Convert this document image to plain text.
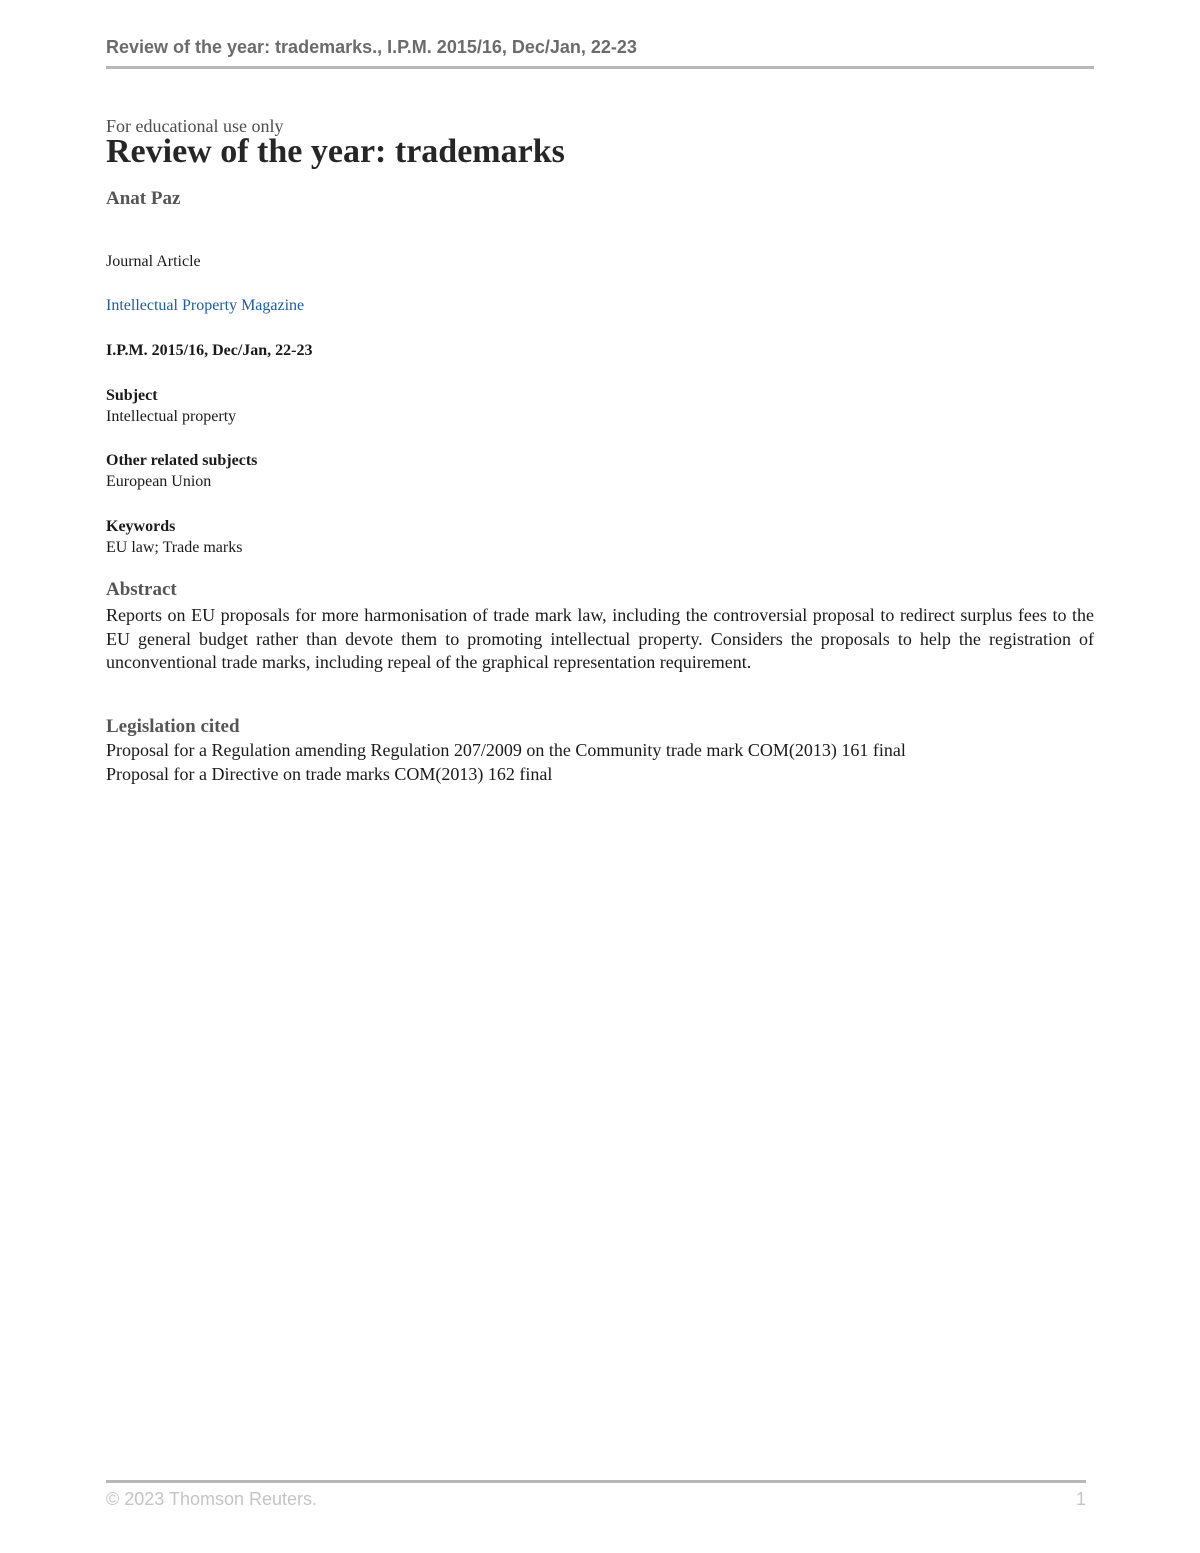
Review of the year: trademarks., I.P.M. 2015/16, Dec/Jan, 22-23
For educational use only
Review of the year: trademarks
Anat Paz
Journal Article
Intellectual Property Magazine
I.P.M. 2015/16, Dec/Jan, 22-23
Subject
Intellectual property
Other related subjects
European Union
Keywords
EU law; Trade marks
Abstract

Reports on EU proposals for more harmonisation of trade mark law, including the controversial proposal to redirect surplus fees to the EU general budget rather than devote them to promoting intellectual property. Considers the proposals to help the registration of unconventional trade marks, including repeal of the graphical representation requirement.

Legislation cited
Proposal for a Regulation amending Regulation 207/2009 on the Community trade mark COM(2013) 161 final
Proposal for a Directive on trade marks COM(2013) 162 final
© 2023 Thomson Reuters.	1
